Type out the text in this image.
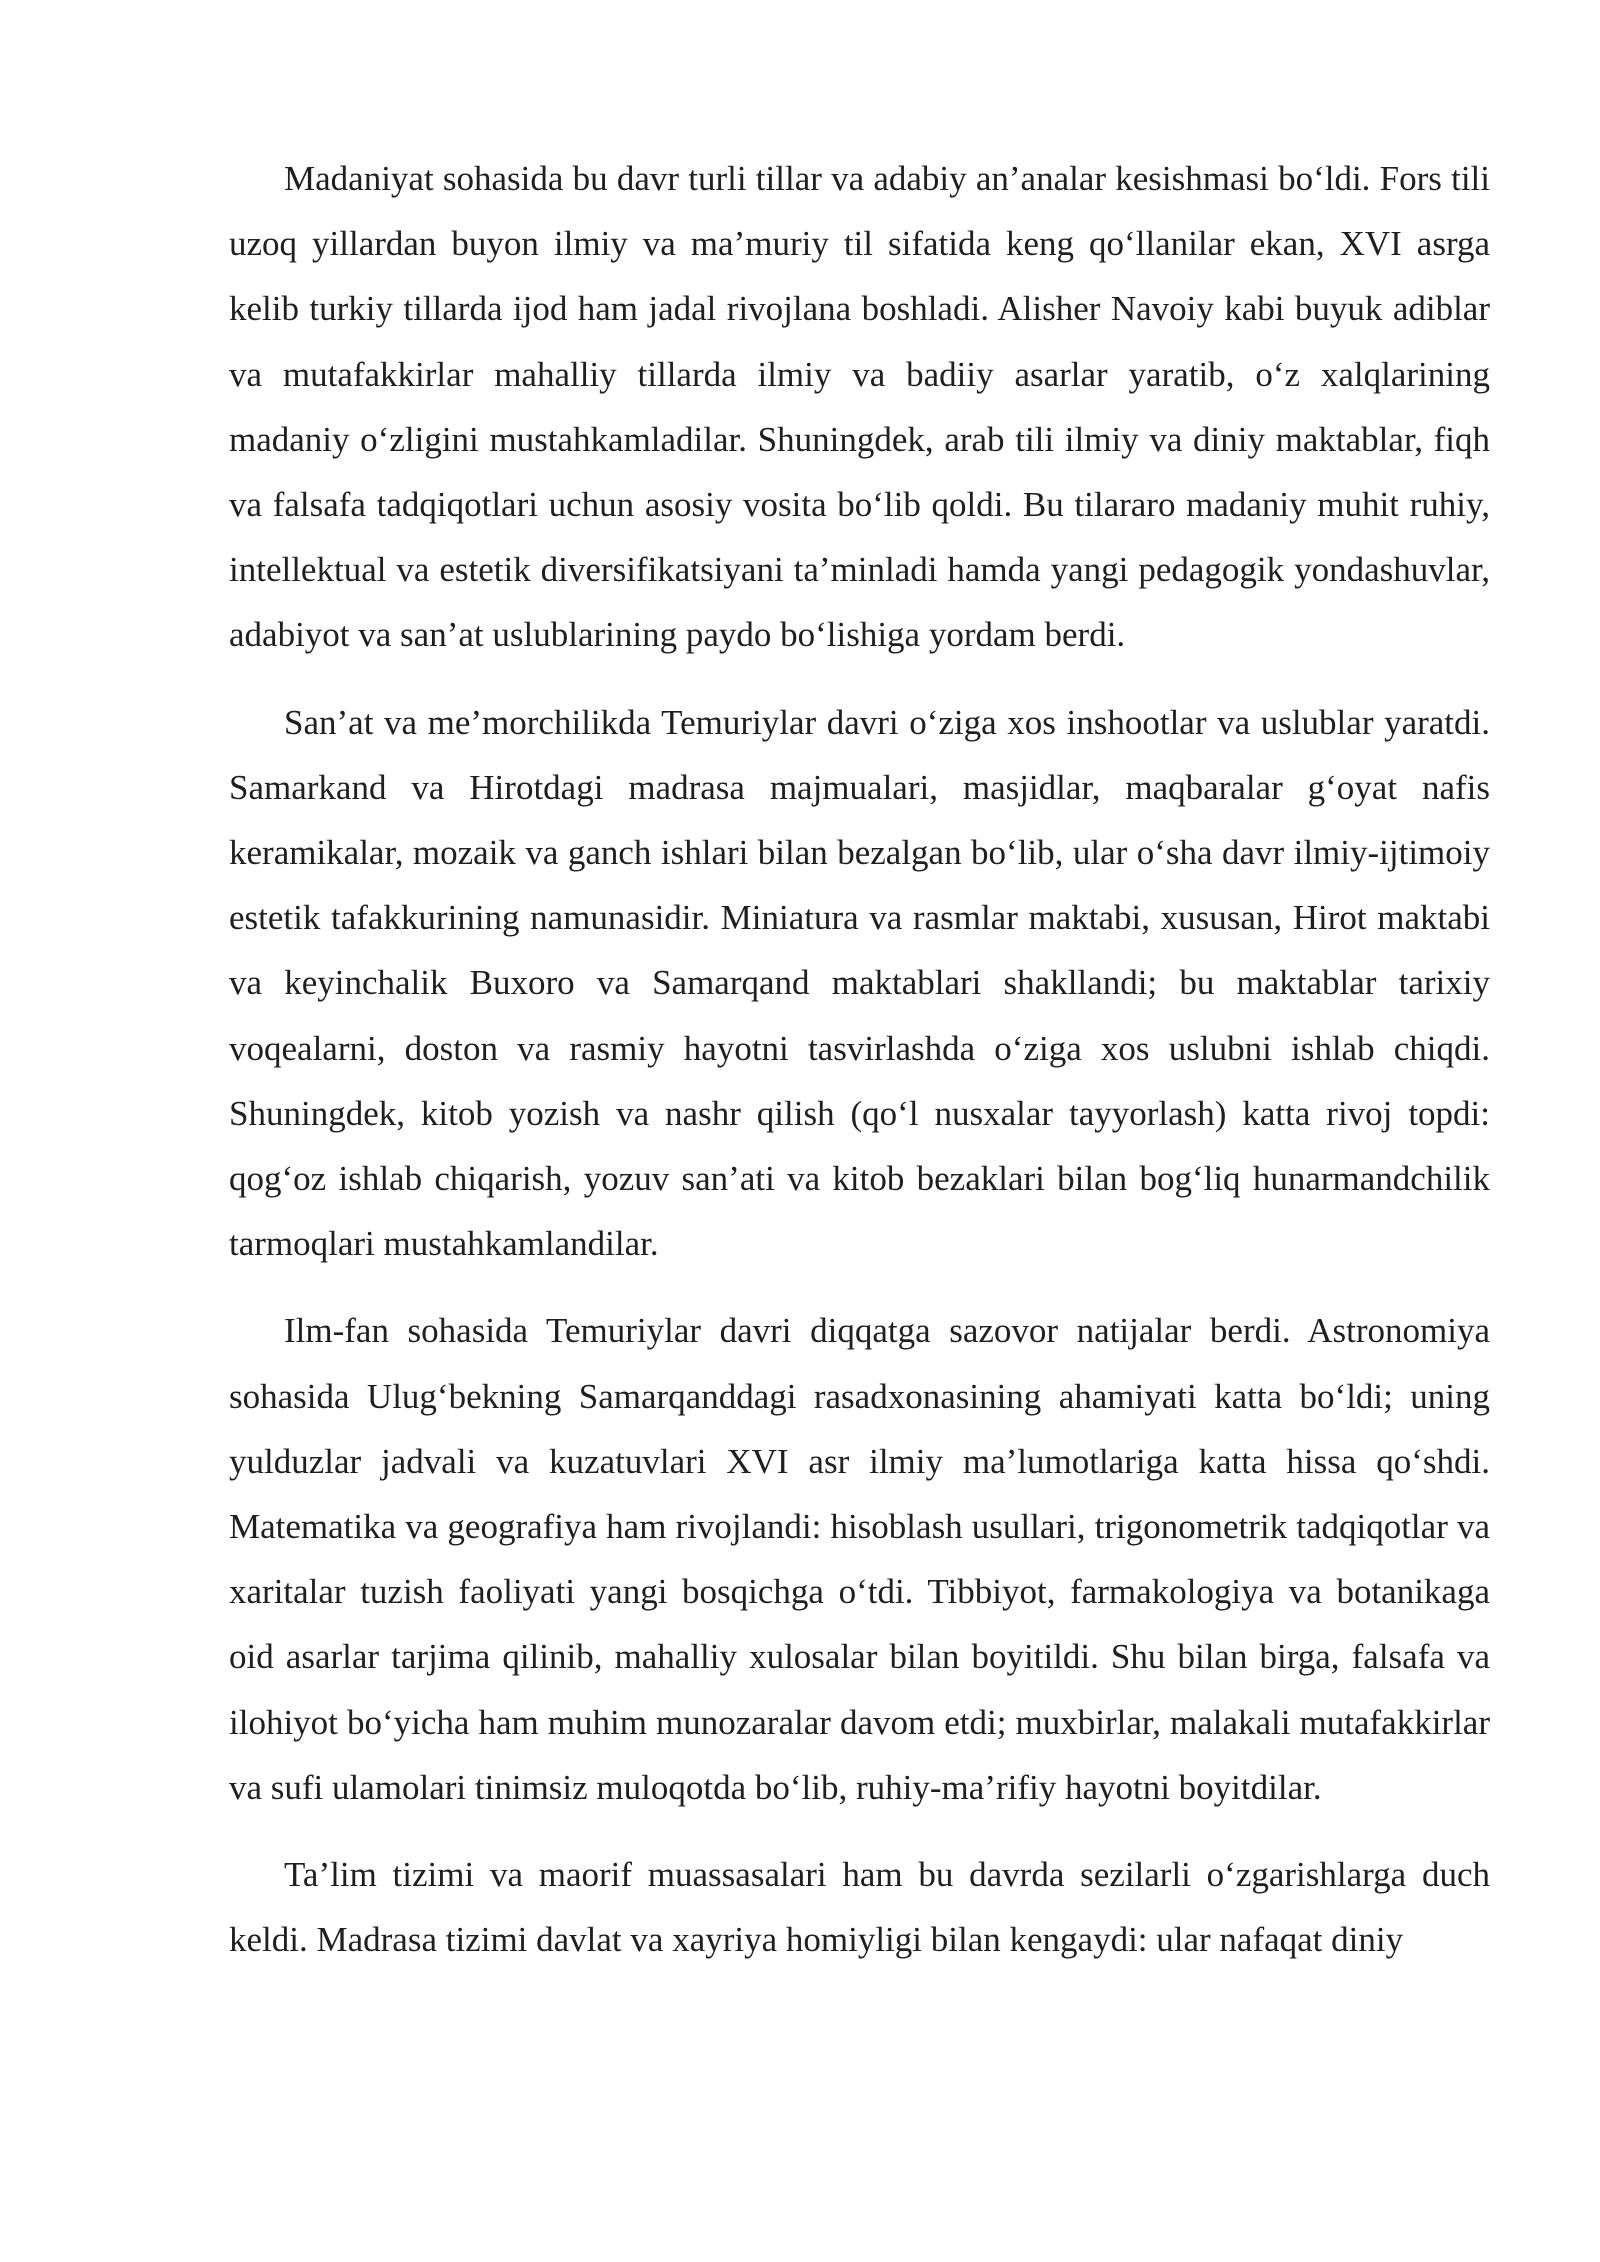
Madaniyat sohasida bu davr turli tillar va adabiy an’analar kesishmasi bo‘ldi. Fors tili uzoq yillardan buyon ilmiy va ma’muriy til sifatida keng qo‘llanilar ekan, XVI asrga kelib turkiy tillarda ijod ham jadal rivojlana boshladi. Alisher Navoiy kabi buyuk adiblar va mutafakkirlar mahalliy tillarda ilmiy va badiiy asarlar yaratib, o‘z xalqlarining madaniy o‘zligini mustahkamladilar. Shuningdek, arab tili ilmiy va diniy maktablar, fiqh va falsafa tadqiqotlari uchun asosiy vosita bo‘lib qoldi. Bu tilararo madaniy muhit ruhiy, intellektual va estetik diversifikatsiyani ta’minladi hamda yangi pedagogik yondashuvlar, adabiyot va san’at uslublarining paydo bo‘lishiga yordam berdi.

San’at va me’morchilikda Temuriylar davri o‘ziga xos inshootlar va uslublar yaratdi. Samarkand va Hirotdagi madrasa majmualari, masjidlar, maqbaralar g‘oyat nafis keramikalar, mozaik va ganch ishlari bilan bezalgan bo‘lib, ular o‘sha davr ilmiy-ijtimoiy estetik tafakkurining namunasidir. Miniatura va rasmlar maktabi, xususan, Hirot maktabi va keyinchalik Buxoro va Samarqand maktablari shakllandi; bu maktablar tarixiy voqealarni, doston va rasmiy hayotni tasvirlashda o‘ziga xos uslubni ishlab chiqdi. Shuningdek, kitob yozish va nashr qilish (qo‘l nusxalar tayyorlash) katta rivoj topdi: qog‘oz ishlab chiqarish, yozuv san’ati va kitob bezaklari bilan bog‘liq hunarmandchilik tarmoqlari mustahkamlandilar.

Ilm-fan sohasida Temuriylar davri diqqatga sazovor natijalar berdi. Astronomiya sohasida Ulug‘bekning Samarqanddagi rasadxonasining ahamiyati katta bo‘ldi; uning yulduzlar jadvali va kuzatuvlari XVI asr ilmiy ma’lumotlariga katta hissa qo‘shdi. Matematika va geografiya ham rivojlandi: hisoblash usullari, trigonometrik tadqiqotlar va xaritalar tuzish faoliyati yangi bosqichga o‘tdi. Tibbiyot, farmakologiya va botanikaga oid asarlar tarjima qilinib, mahalliy xulosalar bilan boyitildi. Shu bilan birga, falsafa va ilohiyot bo‘yicha ham muhim munozaralar davom etdi; muxbirlar, malakali mutafakkirlar va sufi ulamolari tinimsiz muloqotda bo‘lib, ruhiy-ma’rifiy hayotni boyitdilar.

Ta’lim tizimi va maorif muassasalari ham bu davrda sezilarli o‘zgarishlarga duch keldi. Madrasa tizimi davlat va xayriya homiyligi bilan kengaydi: ular nafaqat diniy
